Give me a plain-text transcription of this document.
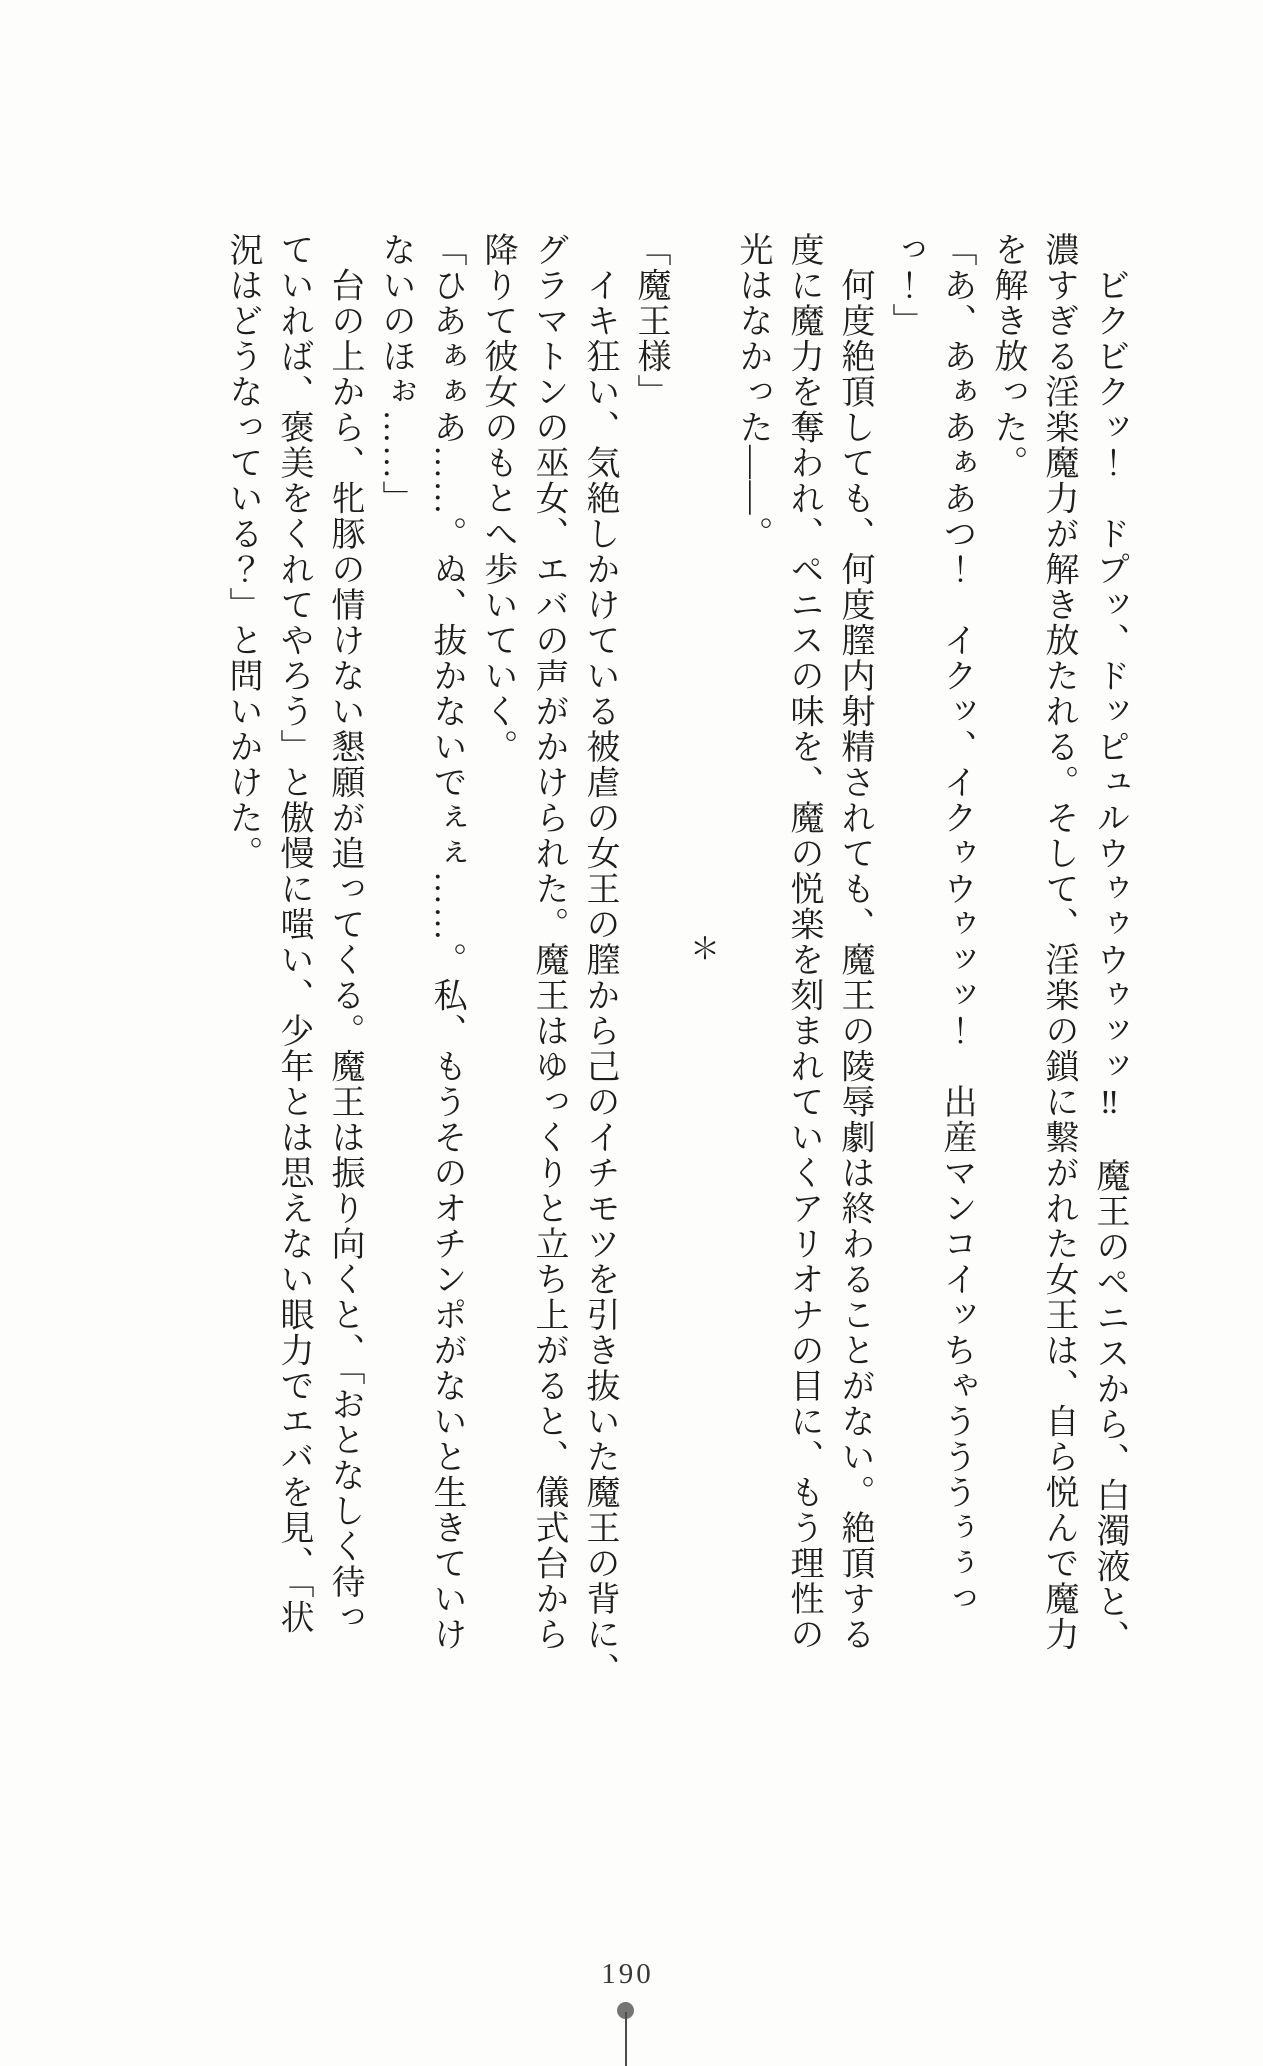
　ビクビクッ！　ドプッ、ドッピュルウゥゥウゥッッ‼　魔王のペニスから、白濁液と、

濃すぎる淫楽魔力が解き放たれる。そして、淫楽の鎖に繋がれた女王は、自ら悦んで魔力

を解き放った。

「あ、あぁあぁあつ！　イクッ、イクゥウゥッッ！　出産マンコイッちゃうううぅぅっ

っ！」

　何度絶頂しても、何度膣内射精されても、魔王の陵辱劇は終わることがない。絶頂する

度に魔力を奪われ、ペニスの味を、魔の悦楽を刻まれていくアリオナの目に、もう理性の

光はなかった――。

＊

「魔王様」

　イキ狂い、気絶しかけている被虐の女王の膣から己のイチモツを引き抜いた魔王の背に、

グラマトンの巫女、エバの声がかけられた。魔王はゆっくりと立ち上がると、儀式台から

降りて彼女のもとへ歩いていく。

「ひあぁぁあ……。ぬ、抜かないでぇぇ……。私、もうそのオチンポがないと生きていけ

ないのほぉ……」

　台の上から、牝豚の情けない懇願が追ってくる。魔王は振り向くと、「おとなしく待っ

ていれば、褒美をくれてやろう」と傲慢に嗤い、少年とは思えない眼力でエバを見、「状

況はどうなっている？」と問いかけた。

190
